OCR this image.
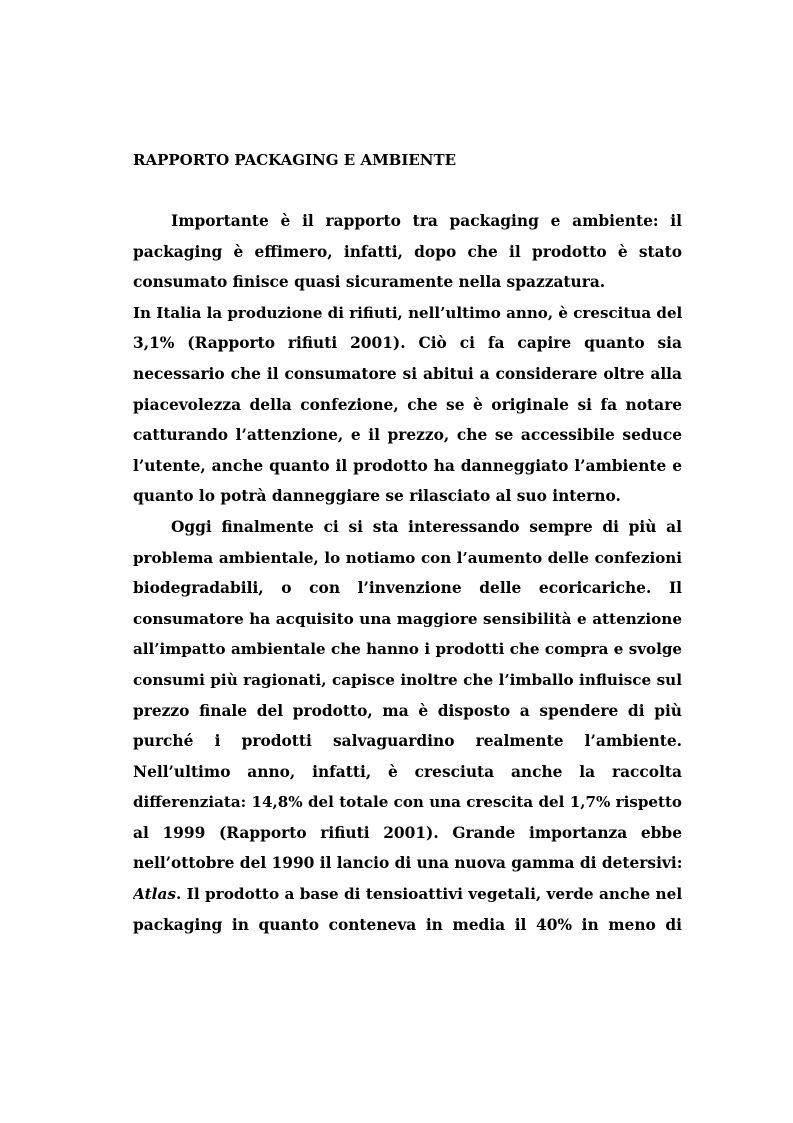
RAPPORTO PACKAGING E AMBIENTE
Importante è il rapporto tra packaging e ambiente: il
packaging è effimero, infatti, dopo che il prodotto è stato
consumato finisce quasi sicuramente nella spazzatura.
In Italia la produzione di rifiuti, nell’ultimo anno, è crescitua del
3,1% (Rapporto rifiuti 2001). Ciò ci fa capire quanto sia
necessario che il consumatore si abitui a considerare oltre alla
piacevolezza della confezione, che se è originale si fa notare
catturando l’attenzione, e il prezzo, che se accessibile seduce
l’utente, anche quanto il prodotto ha danneggiato l’ambiente e
quanto lo potrà danneggiare se rilasciato al suo interno.
Oggi finalmente ci si sta interessando sempre di più al
problema ambientale, lo notiamo con l’aumento delle confezioni
biodegradabili, o con l’invenzione delle ecoricariche. Il
consumatore ha acquisito una maggiore sensibilità e attenzione
all’impatto ambientale che hanno i prodotti che compra e svolge
consumi più ragionati, capisce inoltre che l’imballo influisce sul
prezzo finale del prodotto, ma è disposto a spendere di più
purché i prodotti salvaguardino realmente l’ambiente.
Nell’ultimo anno, infatti, è cresciuta anche la raccolta
differenziata: 14,8% del totale con una crescita del 1,7% rispetto
al 1999 (Rapporto rifiuti 2001). Grande importanza ebbe
nell’ottobre del 1990 il lancio di una nuova gamma di detersivi:
Atlas. Il prodotto a base di tensioattivi vegetali, verde anche nel
packaging in quanto conteneva in media il 40% in meno di
